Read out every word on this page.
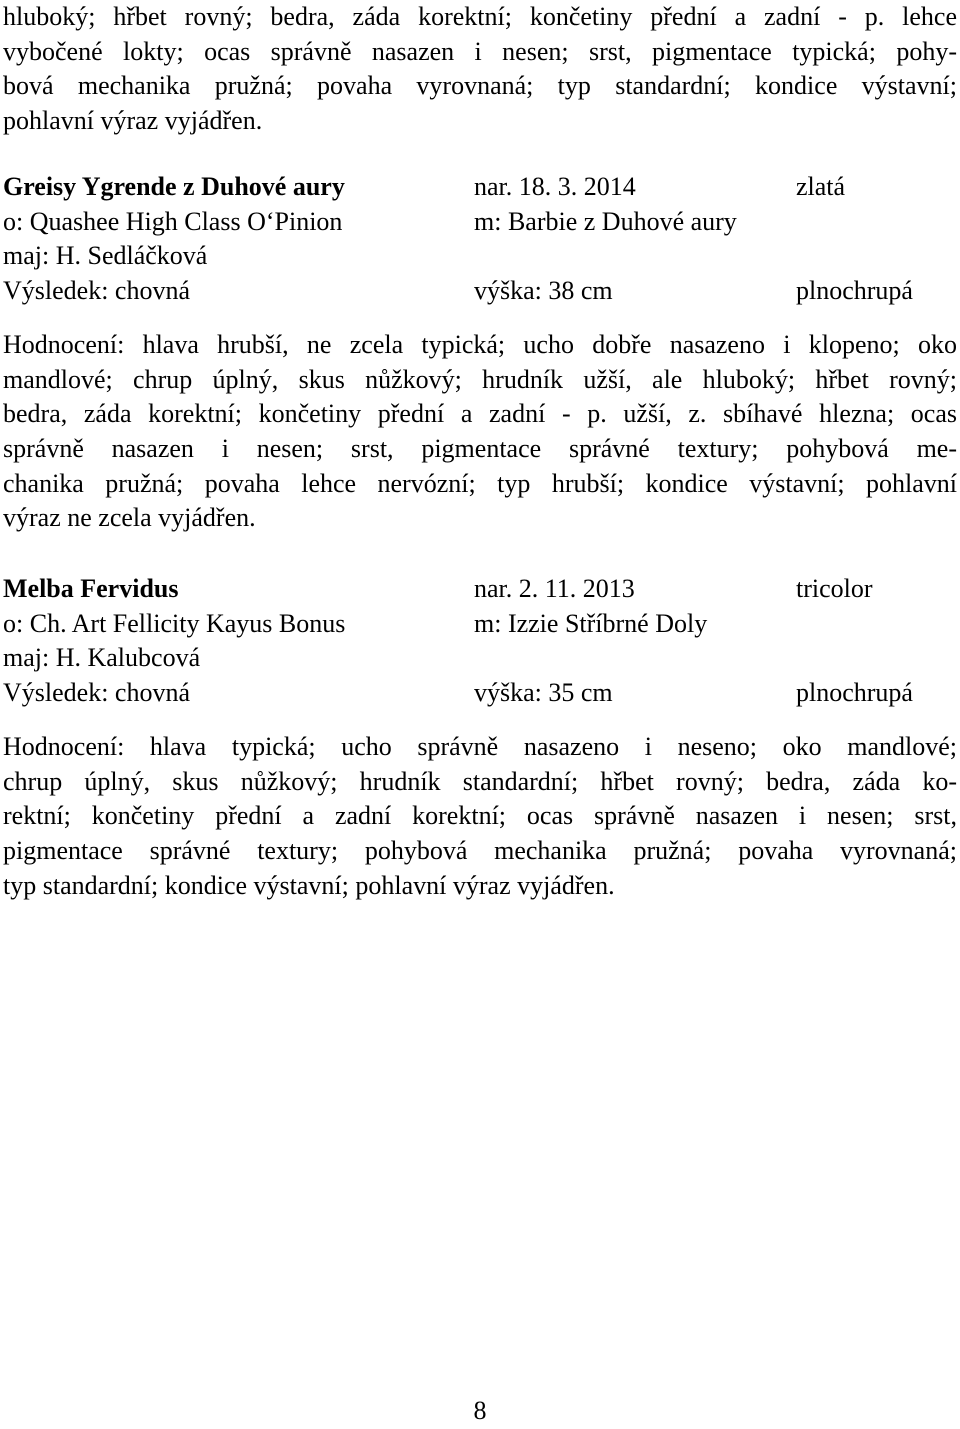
hluboký; hřbet rovný; bedra, záda korektní; končetiny přední a zadní - p. lehce
vybočené lokty; ocas správně nasazen i nesen; srst, pigmentace typická; pohy-
bová mechanika pružná; povaha vyrovnaná; typ standardní; kondice výstavní;
pohlavní výraz vyjádřen.
Greisy Ygrende z Duhové aury	nar. 18. 3. 2014	zlatá
o: Quashee High Class O‘Pinion	m: Barbie z Duhové aury
maj: H. Sedláčková
Výsledek: chovná	výška: 38 cm	plnochrupá
Hodnocení: hlava hrubší, ne zcela typická; ucho dobře nasazeno i klopeno; oko
mandlové; chrup úplný, skus nůžkový; hrudník užší, ale hluboký; hřbet rovný;
bedra, záda korektní; končetiny přední a zadní - p. užší, z. sbíhavé hlezna; ocas
správně nasazen i nesen; srst, pigmentace správné textury; pohybová me-
chanika pružná; povaha lehce nervózní; typ hrubší; kondice výstavní; pohlavní
výraz ne zcela vyjádřen.
Melba Fervidus	nar. 2. 11. 2013	tricolor
o: Ch. Art Fellicity Kayus Bonus	m: Izzie Stříbrné Doly
maj: H. Kalubcová
Výsledek: chovná	výška: 35 cm	plnochrupá
Hodnocení: hlava typická; ucho správně nasazeno i neseno; oko mandlové;
chrup úplný, skus nůžkový; hrudník standardní; hřbet rovný; bedra, záda ko-
rektní; končetiny přední a zadní korektní; ocas správně nasazen i nesen; srst,
pigmentace správné textury; pohybová mechanika pružná; povaha vyrovnaná;
typ standardní; kondice výstavní; pohlavní výraz vyjádřen.
8
